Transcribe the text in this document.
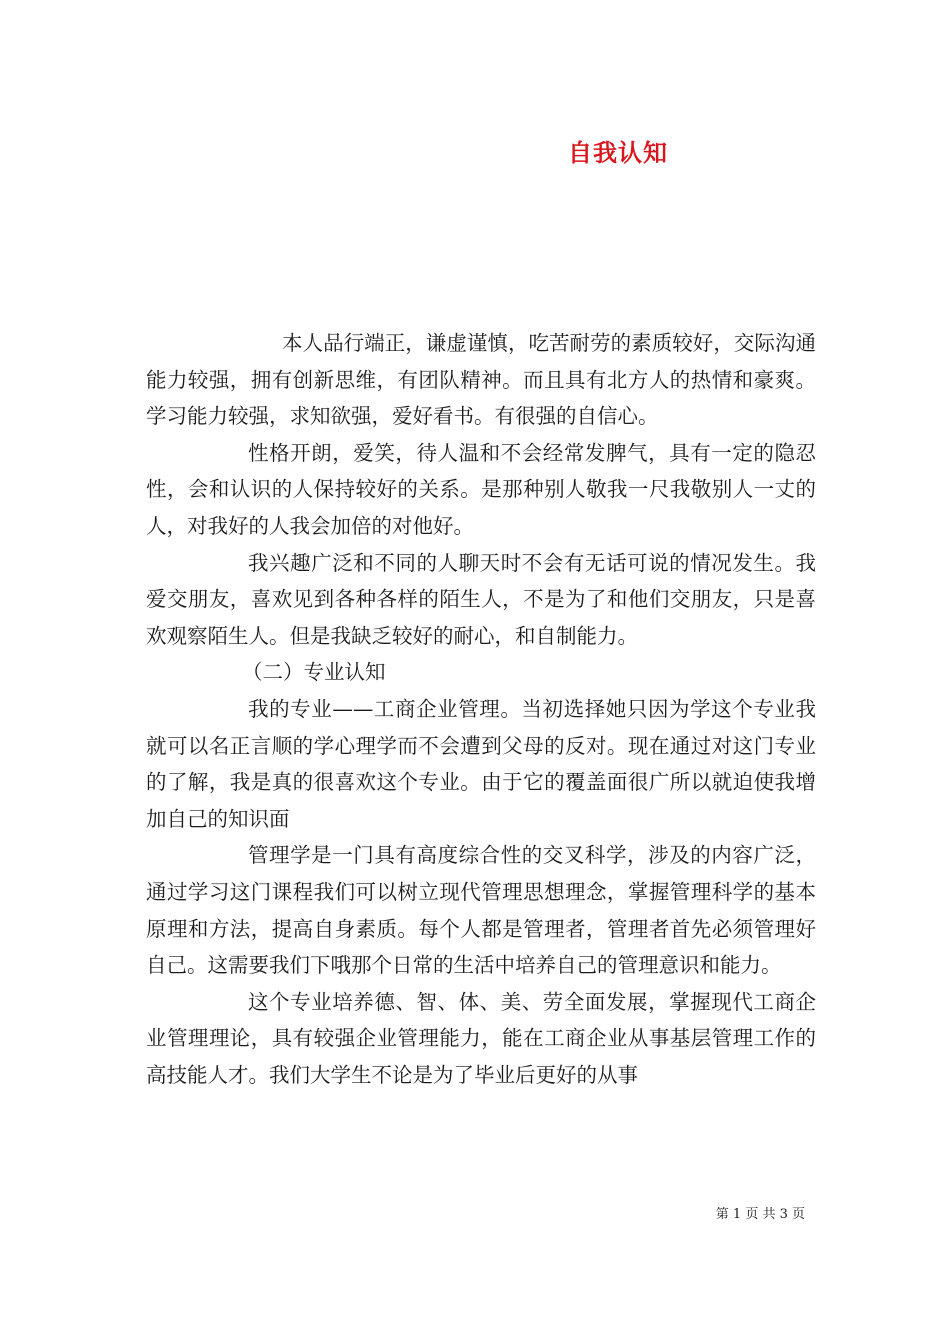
自我认知

本人品行端正，谦虚谨慎，吃苦耐劳的素质较好，交际沟通能力较强，拥有创新思维，有团队精神。而且具有北方人的热情和豪爽。学习能力较强，求知欲强，爱好看书。有很强的自信心。

性格开朗，爱笑，待人温和不会经常发脾气，具有一定的隐忍性，会和认识的人保持较好的关系。是那种别人敬我一尺我敬别人一丈的人，对我好的人我会加倍的对他好。

我兴趣广泛和不同的人聊天时不会有无话可说的情况发生。我爱交朋友，喜欢见到各种各样的陌生人，不是为了和他们交朋友，只是喜欢观察陌生人。但是我缺乏较好的耐心，和自制能力。

（二）专业认知

我的专业——工商企业管理。当初选择她只因为学这个专业我就可以名正言顺的学心理学而不会遭到父母的反对。现在通过对这门专业的了解，我是真的很喜欢这个专业。由于它的覆盖面很广所以就迫使我增加自己的知识面

管理学是一门具有高度综合性的交叉科学，涉及的内容广泛，通过学习这门课程我们可以树立现代管理思想理念，掌握管理科学的基本原理和方法，提高自身素质。每个人都是管理者，管理者首先必须管理好自己。这需要我们下哦那个日常的生活中培养自己的管理意识和能力。

这个专业培养德、智、体、美、劳全面发展，掌握现代工商企业管理理论，具有较强企业管理能力，能在工商企业从事基层管理工作的高技能人才。我们大学生不论是为了毕业后更好的从事

第 1 页 共 3 页
